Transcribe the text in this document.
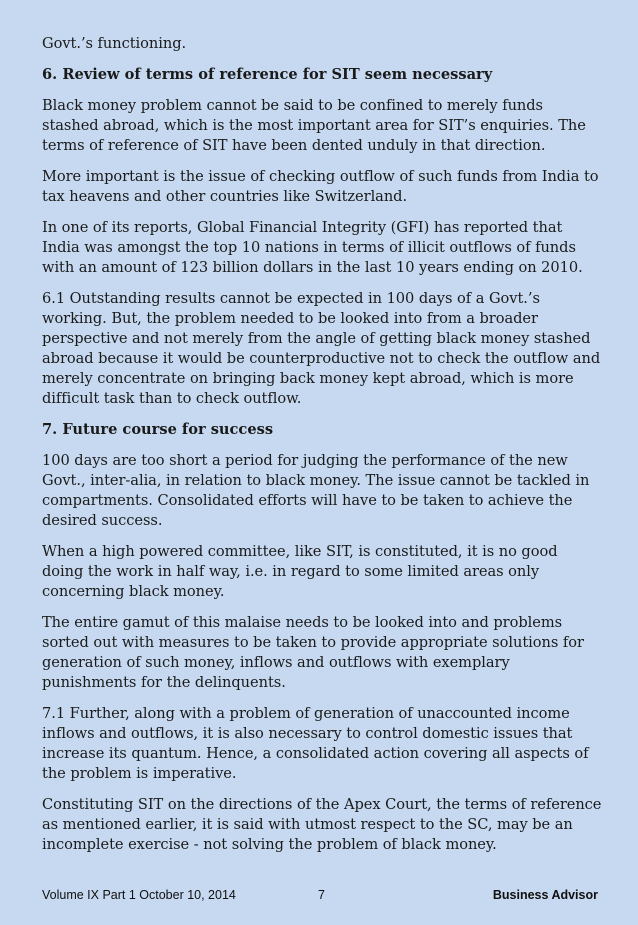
Govt.’s functioning.

6. Review of terms of reference for SIT seem necessary

Black money problem cannot be said to be confined to merely funds stashed abroad, which is the most important area for SIT’s enquiries. The terms of reference of SIT have been dented unduly in that direction.

More important is the issue of checking outflow of such funds from India to tax heavens and other countries like Switzerland.

In one of its reports, Global Financial Integrity (GFI) has reported that India was amongst the top 10 nations in terms of illicit outflows of funds with an amount of 123 billion dollars in the last 10 years ending on 2010.

6.1 Outstanding results cannot be expected in 100 days of a Govt.’s working. But, the problem needed to be looked into from a broader perspective and not merely from the angle of getting black money stashed abroad because it would be counterproductive not to check the outflow and merely concentrate on bringing back money kept abroad, which is more difficult task than to check outflow.

7. Future course for success

100 days are too short a period for judging the performance of the new Govt., inter-alia, in relation to black money. The issue cannot be tackled in compartments. Consolidated efforts will have to be taken to achieve the desired success.

When a high powered committee, like SIT, is constituted, it is no good doing the work in half way, i.e. in regard to some limited areas only concerning black money.

The entire gamut of this malaise needs to be looked into and problems sorted out with measures to be taken to provide appropriate solutions for generation of such money, inflows and outflows with exemplary punishments for the delinquents.

7.1 Further, along with a problem of generation of unaccounted income inflows and outflows, it is also necessary to control domestic issues that increase its quantum. Hence, a consolidated action covering all aspects of the problem is imperative.

Constituting SIT on the directions of the Apex Court, the terms of reference as mentioned earlier, it is said with utmost respect to the SC, may be an incomplete exercise - not solving the problem of black money.

Volume IX Part 1 October 10, 2014	7	Business Advisor
